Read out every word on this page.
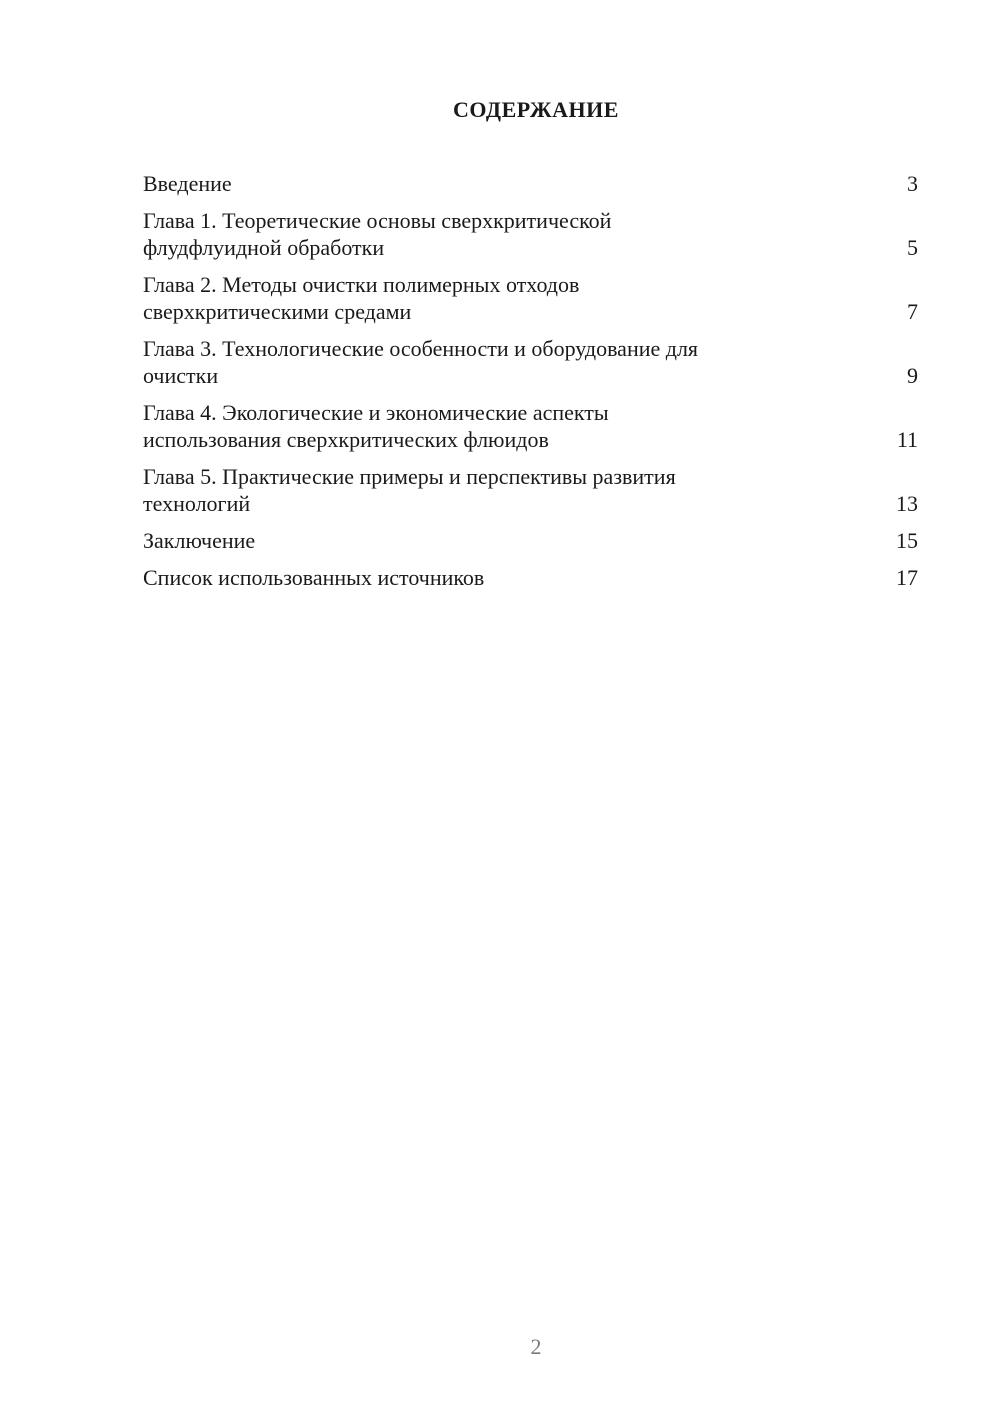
СОДЕРЖАНИЕ
Введение	3
Глава 1. Теоретические основы сверхкритической
флудфлуидной обработки	5
Глава 2. Методы очистки полимерных отходов
сверхкритическими средами	7
Глава 3. Технологические особенности и оборудование для
очистки	9
Глава 4. Экологические и экономические аспекты
использования сверхкритических флюидов	11
Глава 5. Практические примеры и перспективы развития
технологий	13
Заключение	15
Список использованных источников	17
2
